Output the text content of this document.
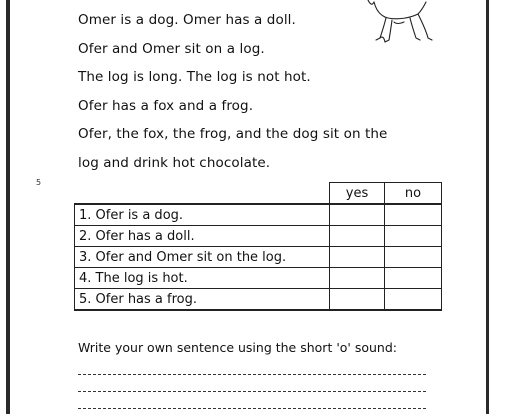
5
Omer is a dog. Omer has a doll.
Ofer and Omer sit on a log.
The log is long. The log is not hot.
Ofer has a fox and a frog.
Ofer, the fox, the frog, and the dog sit on the
log and drink hot chocolate.
	yes	no
1. Ofer is a dog.		
2. Ofer has a doll.		
3. Ofer and Omer sit on the log.		
4. The log is hot.		
5. Ofer has a frog.		
Write your own sentence using the short 'o' sound:
